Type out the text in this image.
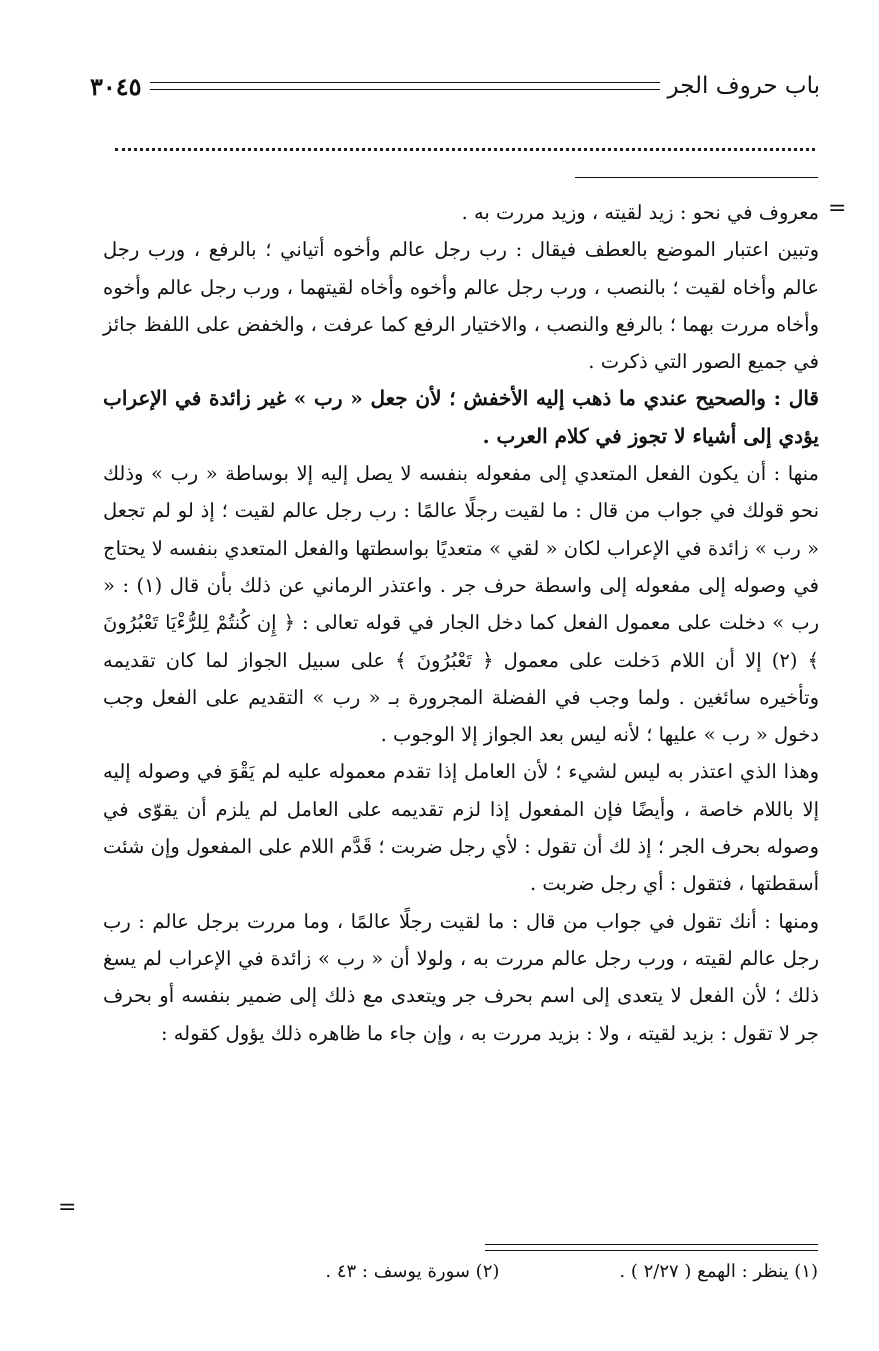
باب حروف الجر
٣٠٤٥
=

معروف في نحو : زيد لقيته ، وزيد مررت به .

وتبين اعتبار الموضع بالعطف فيقال : رب رجل عالم وأخوه أتياني ؛ بالرفع ، ورب رجل عالم وأخاه لقيت ؛ بالنصب ، ورب رجل عالم وأخوه وأخاه لقيتهما ، ورب رجل عالم وأخوه وأخاه مررت بهما ؛ بالرفع والنصب ، والاختيار الرفع كما عرفت ، والخفض على اللفظ جائز في جميع الصور التي ذكرت .

قال : والصحيح عندي ما ذهب إليه الأخفش ؛ لأن جعل « رب » غير زائدة في الإعراب يؤدي إلى أشياء لا تجوز في كلام العرب .

منها : أن يكون الفعل المتعدي إلى مفعوله بنفسه لا يصل إليه إلا بوساطة « رب » وذلك نحو قولك في جواب من قال : ما لقيت رجلًا عالمًا : رب رجل عالم لقيت ؛ إذ لو لم تجعل « رب » زائدة في الإعراب لكان « لقي » متعديًا بواسطتها والفعل المتعدي بنفسه لا يحتاج في وصوله إلى مفعوله إلى واسطة حرف جر . واعتذر الرماني عن ذلك بأن قال (١) : « رب » دخلت على معمول الفعل كما دخل الجار في قوله تعالى : ﴿ إِن كُنتُمْ لِلرُّءْيَا تَعْبُرُونَ ﴾ (٢) إلا أن اللام دَخلت على معمول ﴿ تَعْبُرُونَ ﴾ على سبيل الجواز لما كان تقديمه وتأخيره سائغين . ولما وجب في الفضلة المجرورة بـ « رب » التقديم على الفعل وجب دخول « رب » عليها ؛ لأنه ليس بعد الجواز إلا الوجوب .

وهذا الذي اعتذر به ليس لشيء ؛ لأن العامل إذا تقدم معموله عليه لم يَقْوَ في وصوله إليه إلا باللام خاصة ، وأيضًا فإن المفعول إذا لزم تقديمه على العامل لم يلزم أن يقوّى في وصوله بحرف الجر ؛ إذ لك أن تقول : لأي رجل ضربت ؛ قَدَّم اللام على المفعول وإن شئت أسقطتها ، فتقول : أي رجل ضربت .

ومنها : أنك تقول في جواب من قال : ما لقيت رجلًا عالمًا ، وما مررت برجل عالم : رب رجل عالم لقيته ، ورب رجل عالم مررت به ، ولولا أن « رب » زائدة في الإعراب لم يسغ ذلك ؛ لأن الفعل لا يتعدى إلى اسم بحرف جر ويتعدى مع ذلك إلى ضمير بنفسه أو بحرف جر لا تقول : بزيد لقيته ، ولا : بزيد مررت به ، وإن جاء ما ظاهره ذلك يؤول كقوله :

=
(١) ينظر : الهمع ( ٢/٢٧ ) .
(٢) سورة يوسف : ٤٣ .
